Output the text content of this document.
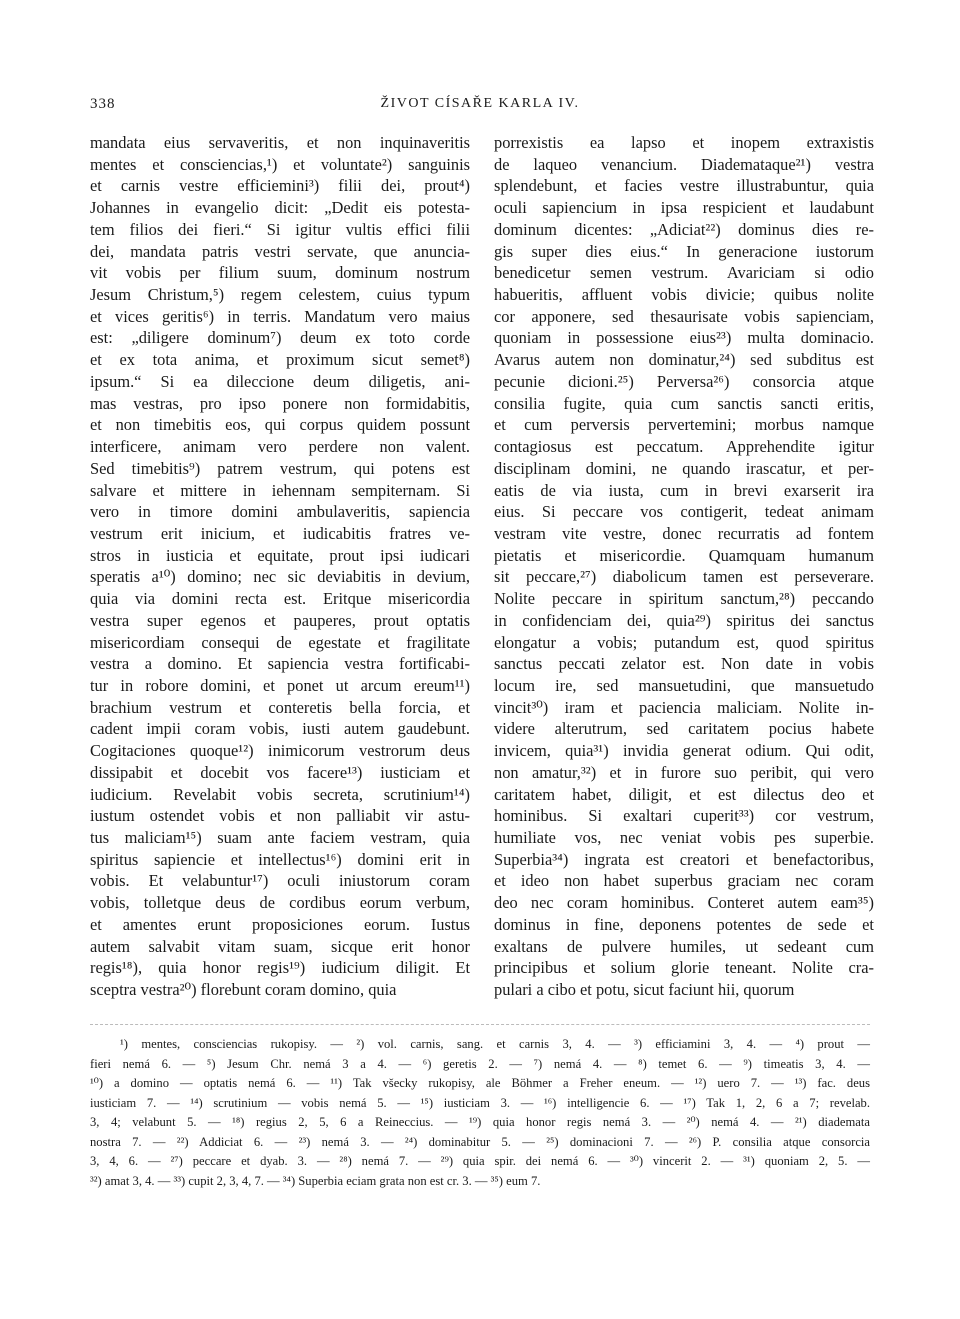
338	ŽIVOT CÍSAŘE KARLA IV.
mandata eius servaveritis, et non inquinaveritis
mentes et consciencias,¹) et voluntate²) sanguinis
et carnis vestre efficiemini³) filii dei, prout⁴)
Johannes in evangelio dicit: „Dedit eis potesta-
tem filios dei fieri.“ Si igitur vultis effici filii
dei, mandata patris vestri servate, que anuncia-
vit vobis per filium suum, dominum nostrum
Jesum Christum,⁵) regem celestem, cuius typum
et vices geritis⁶) in terris. Mandatum vero maius
est: „diligere dominum⁷) deum ex toto corde
et ex tota anima, et proximum sicut semet⁸)
ipsum.“ Si ea dileccione deum diligetis, ani-
mas vestras, pro ipso ponere non formidabitis,
et non timebitis eos, qui corpus quidem possunt
interficere, animam vero perdere non valent.
Sed timebitis⁹) patrem vestrum, qui potens est
salvare et mittere in iehennam sempiternam. Si
vero in timore domini ambulaveritis, sapiencia
vestrum erit inicium, et iudicabitis fratres ve-
stros in iusticia et equitate, prout ipsi iudicari
speratis a¹⁰) domino; nec sic deviabitis in devium,
quia via domini recta est. Eritque misericordia
vestra super egenos et pauperes, prout optatis
misericordiam consequi de egestate et fragilitate
vestra a domino. Et sapiencia vestra fortificabi-
tur in robore domini, et ponet ut arcum ereum¹¹)
brachium vestrum et conteretis bella forcia, et
cadent impii coram vobis, iusti autem gaudebunt.
Cogitaciones quoque¹²) inimicorum vestrorum deus
dissipabit et docebit vos facere¹³) iusticiam et
iudicium. Revelabit vobis secreta, scrutinium¹⁴)
iustum ostendet vobis et non palliabit vir astu-
tus maliciam¹⁵) suam ante faciem vestram, quia
spiritus sapiencie et intellectus¹⁶) domini erit in
vobis. Et velabuntur¹⁷) oculi iniustorum coram
vobis, tolletque deus de cordibus eorum verbum,
et amentes erunt proposiciones eorum. Iustus
autem salvabit vitam suam, sicque erit honor
regis¹⁸), quia honor regis¹⁹) iudicium diligit. Et
sceptra vestra²⁰) florebunt coram domino, quia
porrexistis ea lapso et inopem extraxistis
de laqueo venancium. Diademataque²¹) vestra
splendebunt, et facies vestre illustrabuntur, quia
oculi sapiencium in ipsa respicient et laudabunt
dominum dicentes: „Adiciat²²) dominus dies re-
gis super dies eius.“ In generacione iustorum
benedicetur semen vestrum. Avariciam si odio
habueritis, affluent vobis divicie; quibus nolite
cor apponere, sed thesaurisate vobis sapienciam,
quoniam in possessione eius²³) multa dominacio.
Avarus autem non dominatur,²⁴) sed subditus est
pecunie dicioni.²⁵) Perversa²⁶) consorcia atque
consilia fugite, quia cum sanctis sancti eritis,
et cum perversis pervertemini; morbus namque
contagiosus est peccatum. Apprehendite igitur
disciplinam domini, ne quando irascatur, et per-
eatis de via iusta, cum in brevi exarserit ira
eius. Si peccare vos contigerit, tedeat animam
vestram vite vestre, donec recurratis ad fontem
pietatis et misericordie. Quamquam humanum
sit peccare,²⁷) diabolicum tamen est perseverare.
Nolite peccare in spiritum sanctum,²⁸) peccando
in confidenciam dei, quia²⁹) spiritus dei sanctus
elongatur a vobis; putandum est, quod spiritus
sanctus peccati zelator est. Non date in vobis
locum ire, sed mansuetudini, que mansuetudo
vincit³⁰) iram et paciencia maliciam. Nolite in-
videre alterutrum, sed caritatem pocius habete
invicem, quia³¹) invidia generat odium. Qui odit,
non amatur,³²) et in furore suo peribit, qui vero
caritatem habet, diligit, et est dilectus deo et
hominibus. Si exaltari cuperit³³) cor vestrum,
humiliate vos, nec veniat vobis pes superbie.
Superbia³⁴) ingrata est creatori et benefactoribus,
et ideo non habet superbus graciam nec coram
deo nec coram hominibus. Conteret autem eam³⁵)
dominus in fine, deponens potentes de sede et
exaltans de pulvere humiles, ut sedeant cum
principibus et solium glorie teneant. Nolite cra-
pulari a cibo et potu, sicut faciunt hii, quorum
¹) mentes, consciencias rukopisy. — ²) vol. carnis, sang. et carnis 3, 4. — ³) efficiamini 3, 4. — ⁴) prout —
fieri nemá 6. — ⁵) Jesum Chr. nemá 3 a 4. — ⁶) geretis 2. — ⁷) nemá 4. — ⁸) temet 6. — ⁹) timeatis 3, 4. —
¹⁰) a domino — optatis nemá 6. — ¹¹) Tak všecky rukopisy, ale Böhmer a Freher eneum. — ¹²) uero 7. — ¹³) fac. deus
iusticiam 7. — ¹⁴) scrutinium — vobis nemá 5. — ¹⁵) iusticiam 3. — ¹⁶) intelligencie 6. — ¹⁷) Tak 1, 2, 6 a 7; revelab.
3, 4; velabunt 5. — ¹⁸) regius 2, 5, 6 a Reineccius. — ¹⁹) quia honor regis nemá 3. — ²⁰) nemá 4. — ²¹) diademata
nostra 7. — ²²) Addiciat 6. — ²³) nemá 3. — ²⁴) dominabitur 5. — ²⁵) dominacioni 7. — ²⁶) P. consilia atque consorcia
3, 4, 6. — ²⁷) peccare et dyab. 3. — ²⁸) nemá 7. — ²⁹) quia spir. dei nemá 6. — ³⁰) vincerit 2. — ³¹) quoniam 2, 5. —
³²) amat 3, 4. — ³³) cupit 2, 3, 4, 7. — ³⁴) Superbia eciam grata non est cr. 3. — ³⁵) eum 7.
